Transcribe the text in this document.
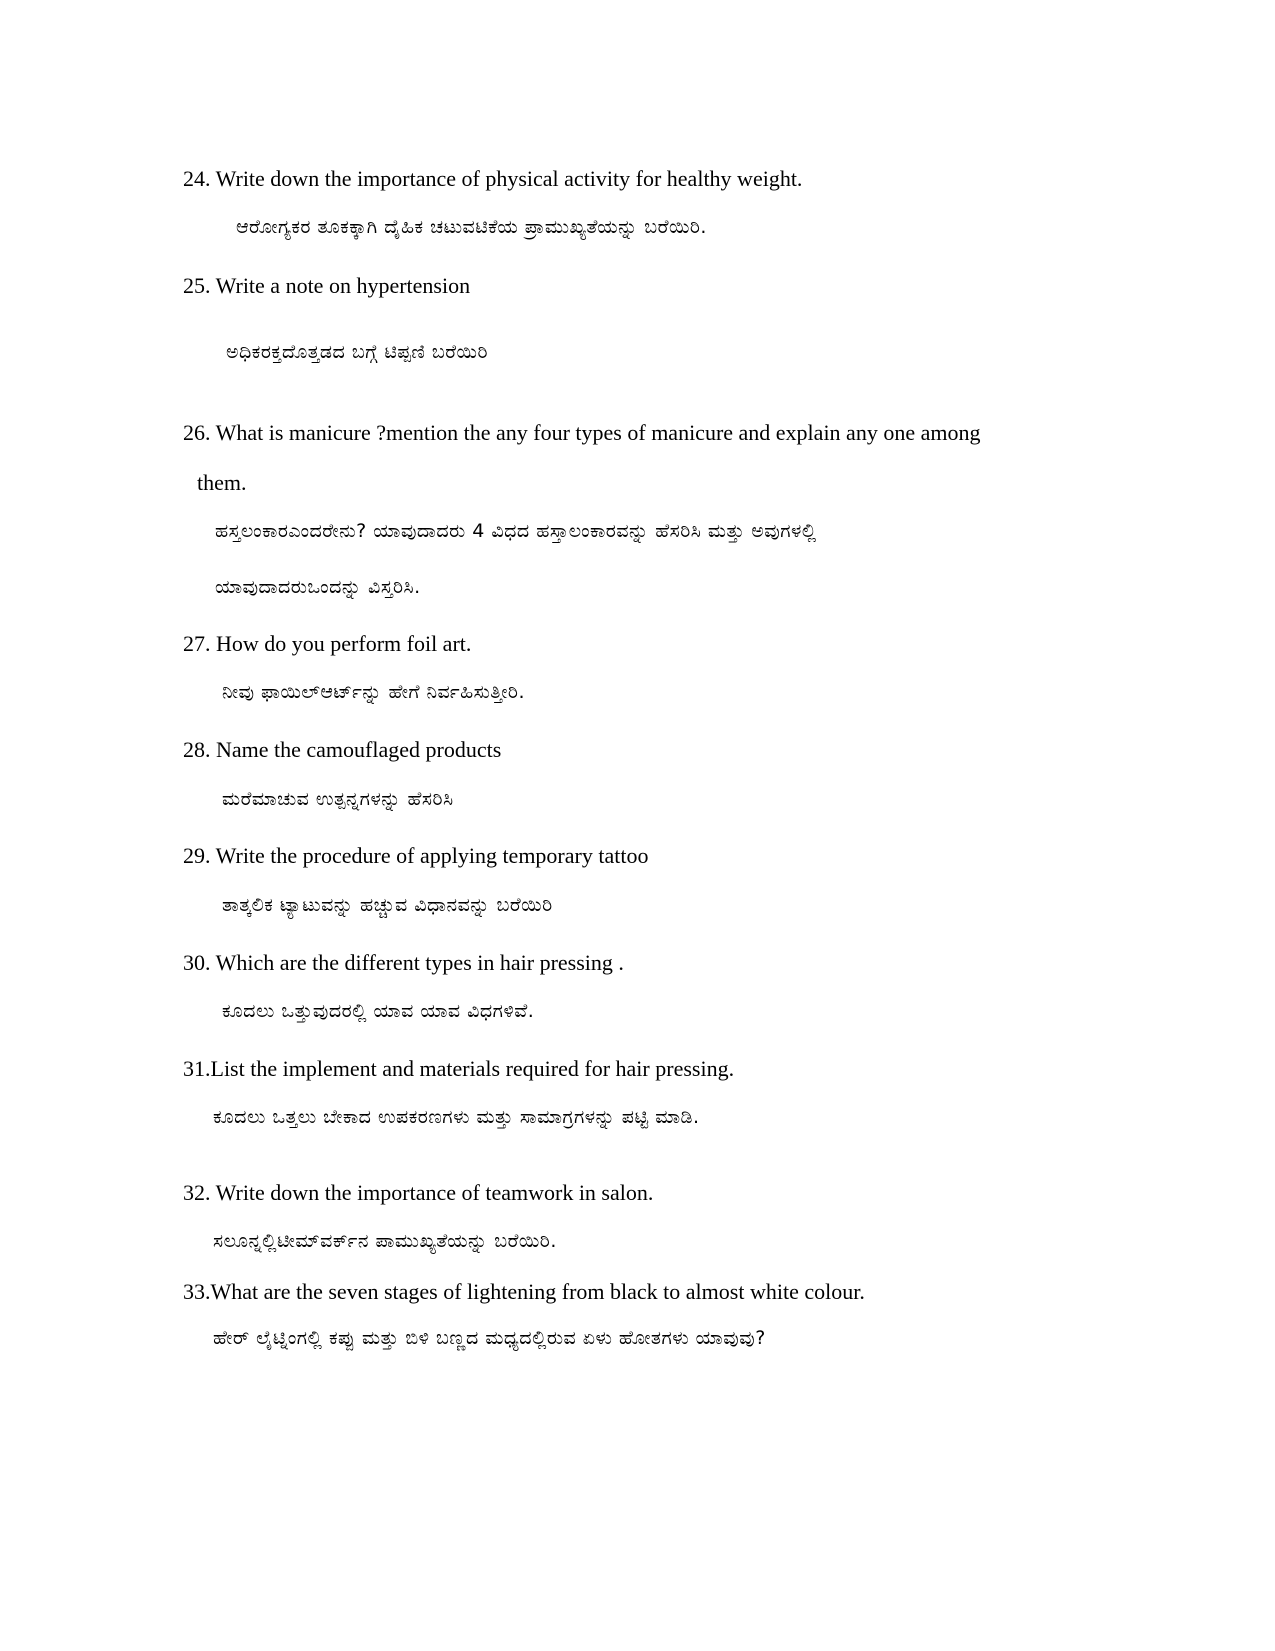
24. Write down the importance of physical activity for healthy weight.

ಆರೋಗ್ಯಕರ ತೂಕಕ್ಕಾಗಿ ದೈಹಿಕ ಚಟುವಟಿಕೆಯ ಪ್ರಾಮುಖ್ಯತೆಯನ್ನು ಬರೆಯಿರಿ.

25. Write a note on hypertension

ಅಧಿಕರಕ್ತದೊತ್ತಡದ ಬಗ್ಗೆ ಟಿಪ್ಪಣಿ ಬರೆಯಿರಿ

26. What is manicure ?mention the any four types of manicure and explain any one among

them.

ಹಸ್ತಲಂಕಾರಎಂದರೇನು? ಯಾವುದಾದರು 4 ವಿಧದ ಹಸ್ತಾಲಂಕಾರವನ್ನು ಹೆಸರಿಸಿ ಮತ್ತು ಅವುಗಳಲ್ಲಿ

ಯಾವುದಾದರುಒಂದನ್ನು ವಿಸ್ತರಿಸಿ.

27. How do you perform foil art.

ನೀವು ಫಾಯಿಲ್ಆರ್ಟ್‌ನ್ನು ಹೇಗೆ ನಿರ್ವಹಿಸುತ್ತೀರಿ.

28. Name the camouflaged products

ಮರೆಮಾಚುವ ಉತ್ಪನ್ನಗಳನ್ನು ಹೆಸರಿಸಿ

29. Write the procedure of applying temporary tattoo

ತಾತ್ಕಲಿಕ ಟ್ಯಾಟುವನ್ನು ಹಚ್ಚುವ ವಿಧಾನವನ್ನು ಬರೆಯಿರಿ

30. Which are the different types in hair pressing .

ಕೂದಲು ಒತ್ತುವುದರಲ್ಲಿ ಯಾವ ಯಾವ ವಿಧಗಳಿವೆ.

31.List the implement and materials required for hair pressing.

ಕೂದಲು ಒತ್ತಲು ಬೇಕಾದ ಉಪಕರಣಗಳು ಮತ್ತು ಸಾಮಾಗ್ರಗಳನ್ನು ಪಟ್ಟಿ ಮಾಡಿ.

32. Write down the importance of teamwork in salon.

ಸಲೂನ್ನಲ್ಲಿಟೀಮ್‌ವರ್ಕ್‌ನ ಪಾಮುಖ್ಯತೆಯನ್ನು ಬರೆಯಿರಿ.

33.What are the seven stages of lightening from black to almost white colour.

ಹೇರ್ ಲೈಟ್ನಿಂಗಲ್ಲಿ ಕಪ್ಪು ಮತ್ತು ಬಿಳಿ ಬಣ್ಣದ ಮಧ್ಯದಲ್ಲಿರುವ ಏಳು ಹೋತಗಳು ಯಾವುವು?
